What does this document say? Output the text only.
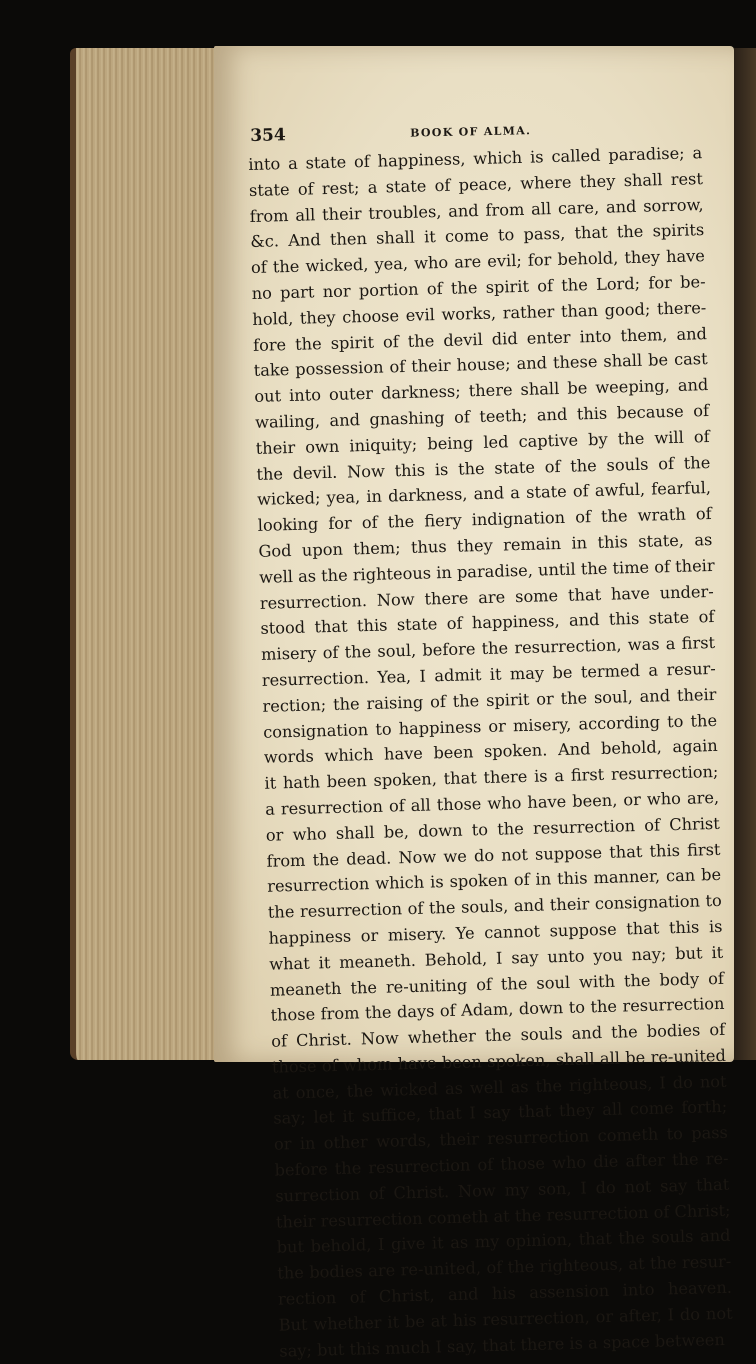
354	BOOK OF ALMA.
into a state of happiness, which is called paradise; a
state of rest; a state of peace, where they shall rest
from all their troubles, and from all care, and sorrow,
&c. And then shall it come to pass, that the spirits
of the wicked, yea, who are evil; for behold, they have
no part nor portion of the spirit of the Lord; for be-
hold, they choose evil works, rather than good; there-
fore the spirit of the devil did enter into them, and
take possession of their house; and these shall be cast
out into outer darkness; there shall be weeping, and
wailing, and gnashing of teeth; and this because of
their own iniquity; being led captive by the will of
the devil. Now this is the state of the souls of the
wicked; yea, in darkness, and a state of awful, fearful,
looking for of the fiery indignation of the wrath of
God upon them; thus they remain in this state, as
well as the righteous in paradise, until the time of their
resurrection. Now there are some that have under-
stood that this state of happiness, and this state of
misery of the soul, before the resurrection, was a first
resurrection. Yea, I admit it may be termed a resur-
rection; the raising of the spirit or the soul, and their
consignation to happiness or misery, according to the
words which have been spoken. And behold, again
it hath been spoken, that there is a first resurrection;
a resurrection of all those who have been, or who are,
or who shall be, down to the resurrection of Christ
from the dead. Now we do not suppose that this first
resurrection which is spoken of in this manner, can be
the resurrection of the souls, and their consignation to
happiness or misery. Ye cannot suppose that this is
what it meaneth. Behold, I say unto you nay; but it
meaneth the re-uniting of the soul with the body of
those from the days of Adam, down to the resurrection
of Christ. Now whether the souls and the bodies of
those of whom have been spoken, shall all be re-united
at once, the wicked as well as the righteous, I do not
say; let it suffice, that I say that they all come forth;
or in other words, their resurrection cometh to pass
before the resurrection of those who die after the re-
surrection of Christ. Now my son, I do not say that
their resurrection cometh at the resurrection of Christ;
but behold, I give it as my opinion, that the souls and
the bodies are re-united, of the righteous, at the resur-
rection of Christ, and his assension into heaven.
But whether it be at his resurrection, or after, I do not
say; but this much I say, that there is a space between
